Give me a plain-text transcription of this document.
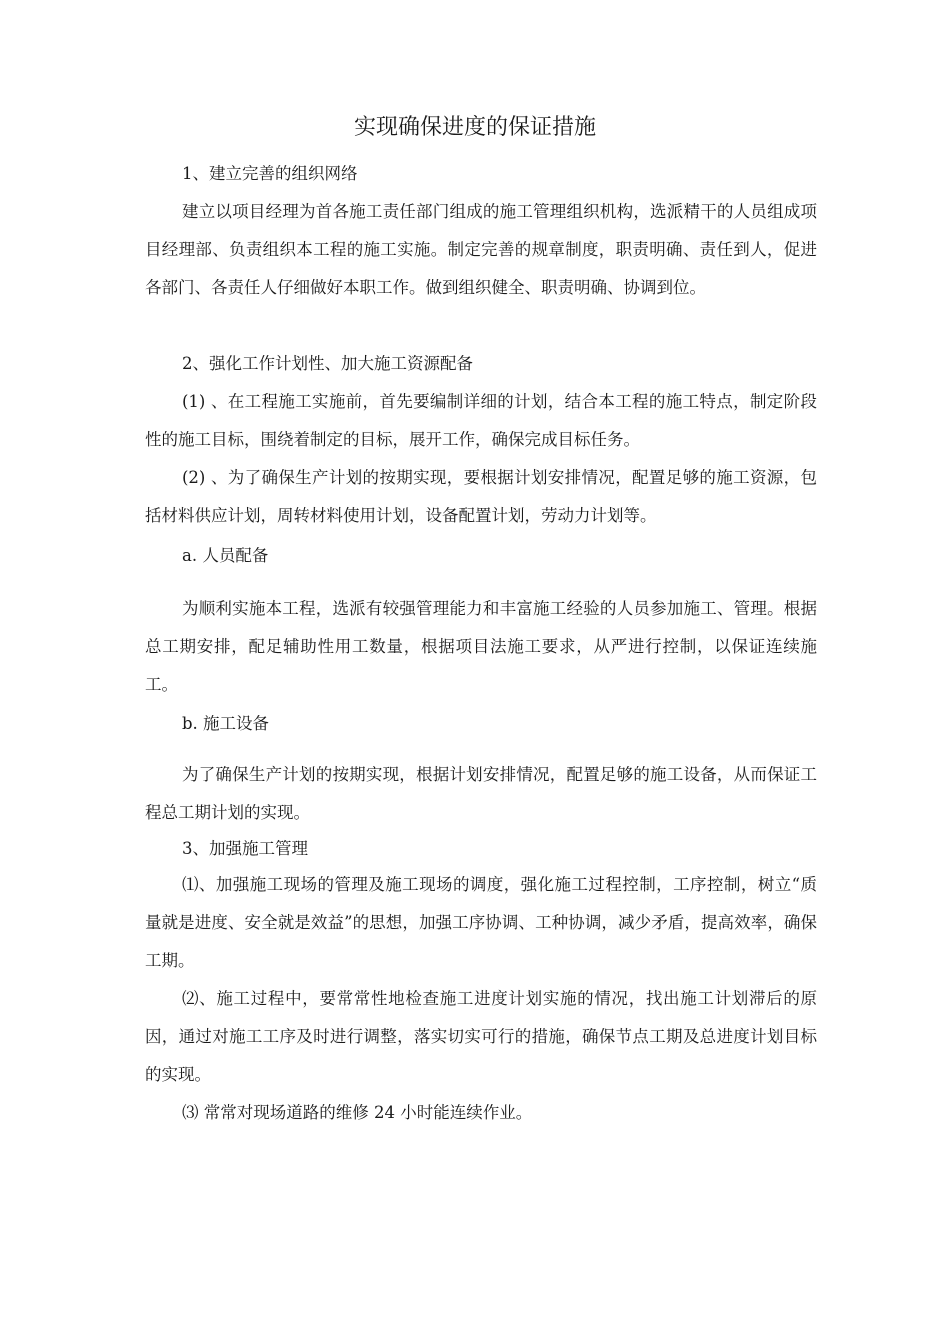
实现确保进度的保证措施

1、建立完善的组织网络

建立以项目经理为首各施工责任部门组成的施工管理组织机构，选派精干的人员组成项目经理部、负责组织本工程的施工实施。制定完善的规章制度，职责明确、责任到人，促进各部门、各责任人仔细做好本职工作。做到组织健全、职责明确、协调到位。

2、强化工作计划性、加大施工资源配备

(1) 、在工程施工实施前，首先要编制详细的计划，结合本工程的施工特点，制定阶段性的施工目标，围绕着制定的目标，展开工作，确保完成目标任务。

(2) 、为了确保生产计划的按期实现，要根据计划安排情况，配置足够的施工资源，包括材料供应计划，周转材料使用计划，设备配置计划，劳动力计划等。

a. 人员配备

为顺利实施本工程，选派有较强管理能力和丰富施工经验的人员参加施工、管理。根据总工期安排，配足辅助性用工数量，根据项目法施工要求，从严进行控制，以保证连续施工。

b. 施工设备

为了确保生产计划的按期实现，根据计划安排情况，配置足够的施工设备，从而保证工程总工期计划的实现。

3、加强施工管理

⑴、加强施工现场的管理及施工现场的调度，强化施工过程控制，工序控制，树立“质量就是进度、安全就是效益”的思想，加强工序协调、工种协调，减少矛盾，提高效率，确保工期。

⑵、施工过程中，要常常性地检查施工进度计划实施的情况，找出施工计划滞后的原因，通过对施工工序及时进行调整，落实切实可行的措施，确保节点工期及总进度计划目标的实现。

⑶ 常常对现场道路的维修 24 小时能连续作业。
